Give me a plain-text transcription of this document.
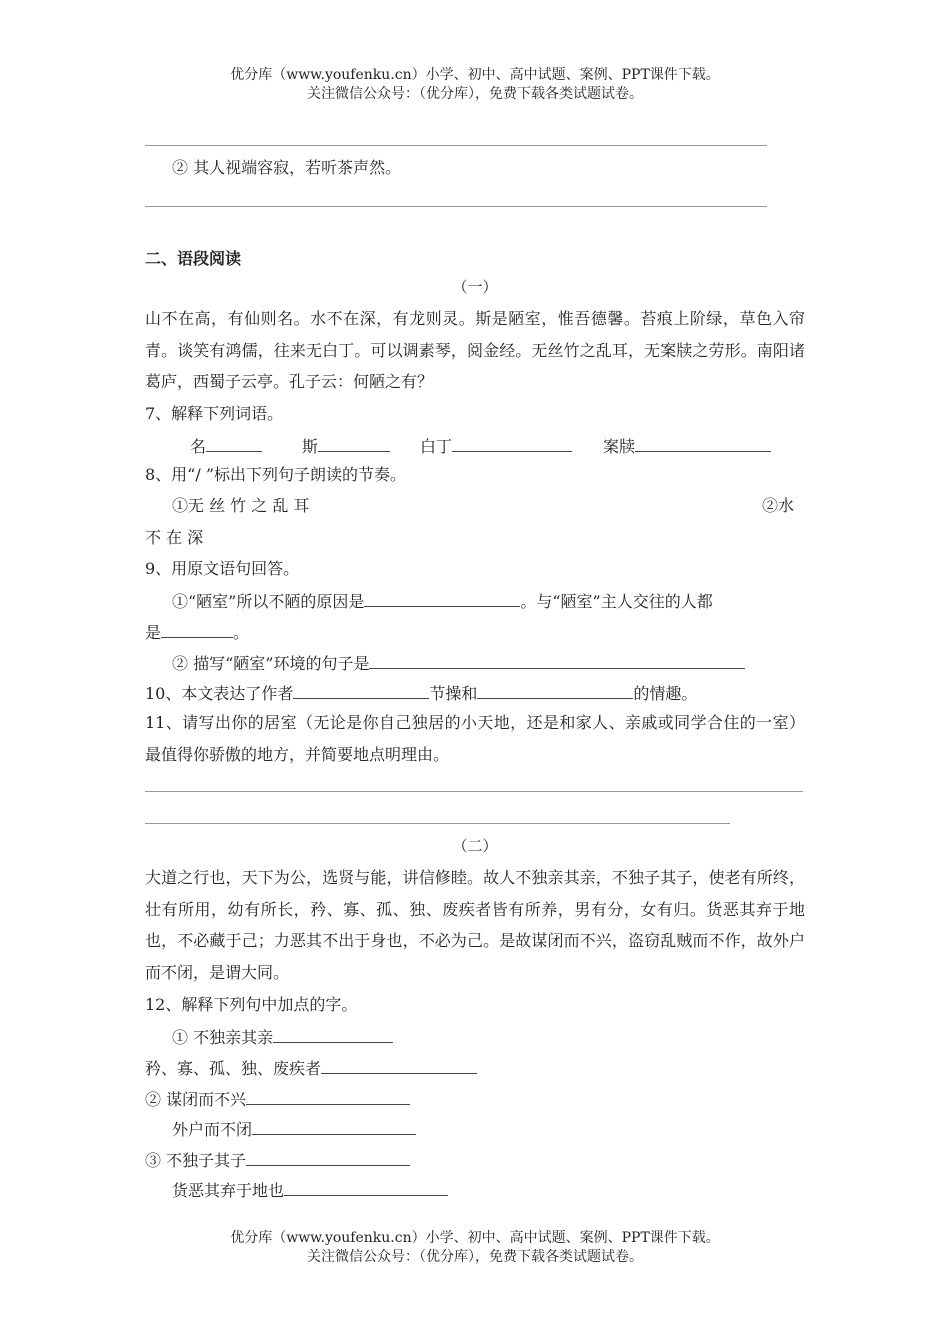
优分库（www.youfenku.cn）小学、初中、高中试题、案例、PPT课件下载。
关注微信公众号：（优分库），免费下载各类试题试卷。
② 其人视端容寂，若听茶声然。
二、语段阅读
（一）
山不在高，有仙则名。水不在深，有龙则灵。斯是陋室，惟吾德馨。苔痕上阶绿，草色入帘青。谈笑有鸿儒，往来无白丁。可以调素琴，阅金经。无丝竹之乱耳，无案牍之劳形。南阳诸葛庐，西蜀子云亭。孔子云：何陋之有？
7、解释下列词语。
名	斯	白丁	案牍
8、用“/ ”标出下列句子朗读的节奏。
①无 丝 竹 之 乱 耳	②水
不 在 深
9、用原文语句回答。
①“陋室”所以不陋的原因是	。与“陋室”主人交往的人都
是	。
② 描写“陋室”环境的句子是
10、本文表达了作者	节操和	的情趣。
11、请写出你的居室（无论是你自己独居的小天地，还是和家人、亲戚或同学合住的一室）最值得你骄傲的地方，并简要地点明理由。
（二）
大道之行也，天下为公，选贤与能，讲信修睦。故人不独亲其亲，不独子其子，使老有所终，壮有所用，幼有所长，矜、寡、孤、独、废疾者皆有所养，男有分，女有归。货恶其弃于地也，不必藏于己；力恶其不出于身也，不必为己。是故谋闭而不兴，盗窃乱贼而不作，故外户而不闭，是谓大同。
12、解释下列句中加点的字。
① 不独亲其亲
矜、寡、孤、独、废疾者
② 谋闭而不兴
外户而不闭
③ 不独子其子
货恶其弃于地也
优分库（www.youfenku.cn）小学、初中、高中试题、案例、PPT课件下载。
关注微信公众号：（优分库），免费下载各类试题试卷。
